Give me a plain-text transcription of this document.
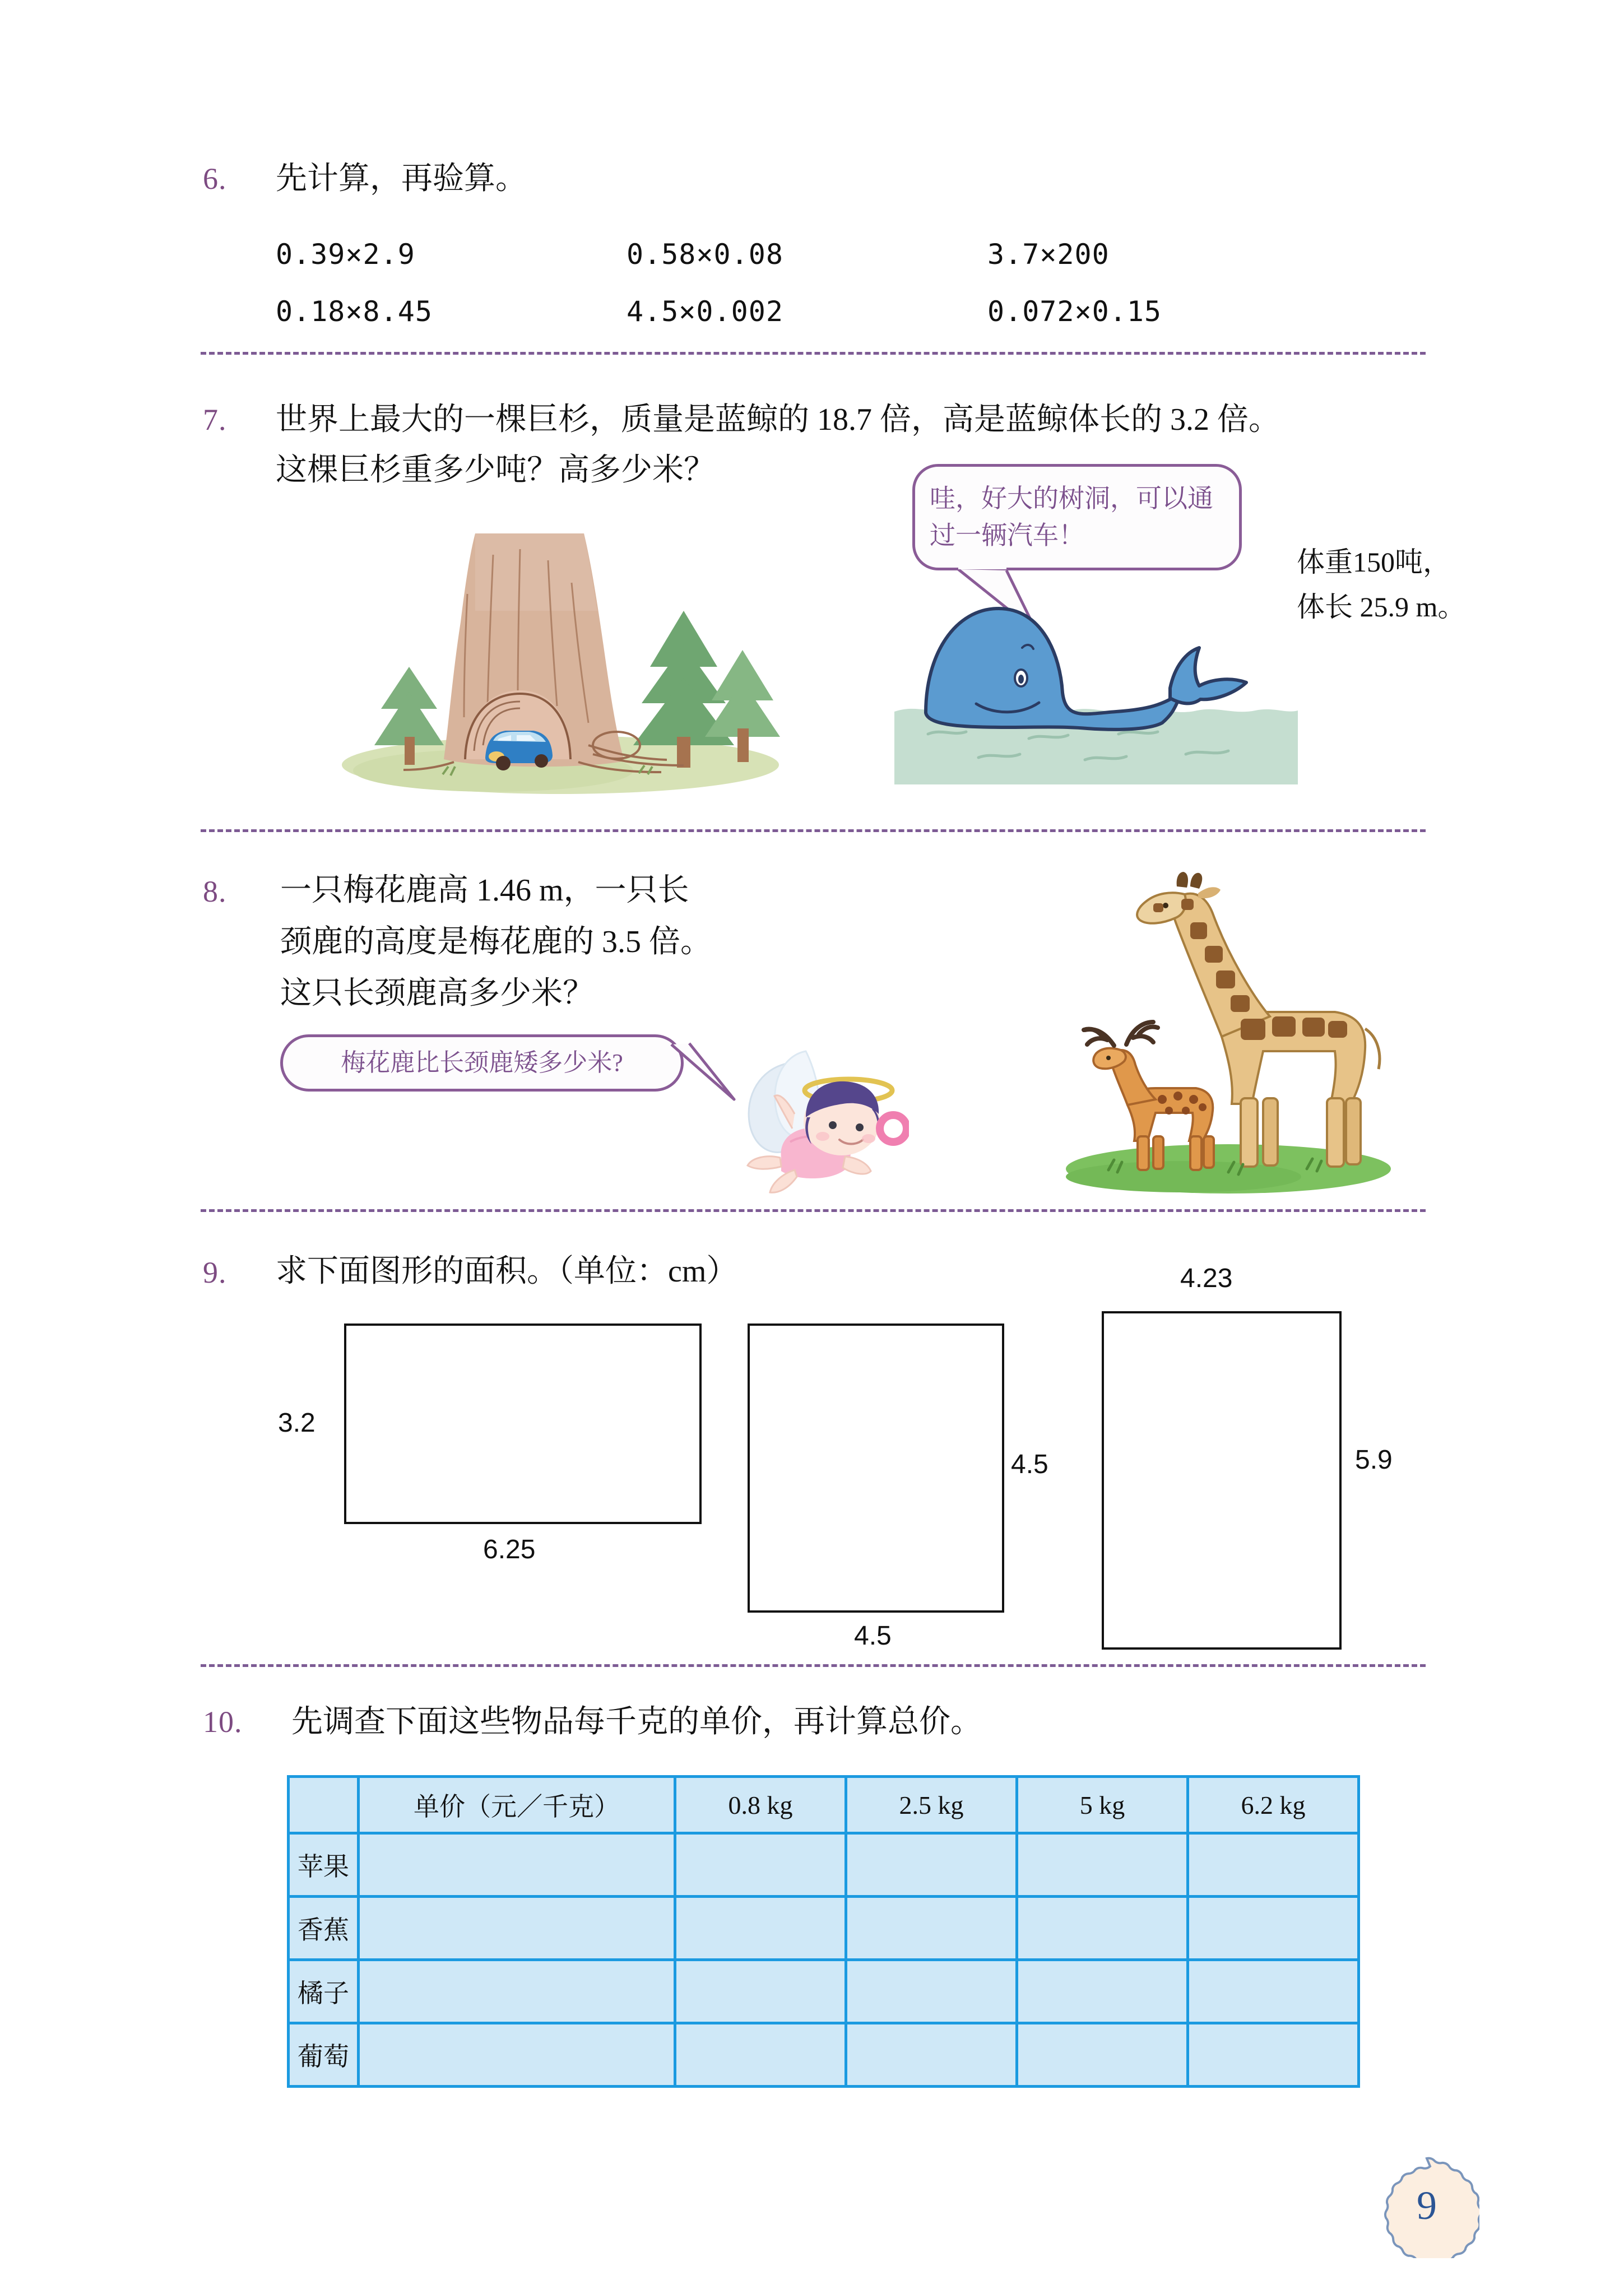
6. 先计算，再验算。
0.39×2.9	0.58×0.08	3.7×200
0.18×8.45	4.5×0.002	0.072×0.15
7. 世界上最大的一棵巨杉，质量是蓝鲸的 18.7 倍，高是蓝鲸体长的 3.2 倍。
这棵巨杉重多少吨？高多少米？
哇，好大的树洞，可以通过一辆汽车！
体重150吨，
体长 25.9 m。
8. 一只梅花鹿高 1.46 m，一只长
颈鹿的高度是梅花鹿的 3.5 倍。
这只长颈鹿高多少米？
梅花鹿比长颈鹿矮多少米?
9. 求下面图形的面积。（单位：cm）
3.2
6.25
4.5
4.5
4.23
5.9
10. 先调查下面这些物品每千克的单价，再计算总价。
	单价（元／千克）	0.8 kg	2.5 kg	5 kg	6.2 kg
苹果					
香蕉					
橘子					
葡萄					
9
